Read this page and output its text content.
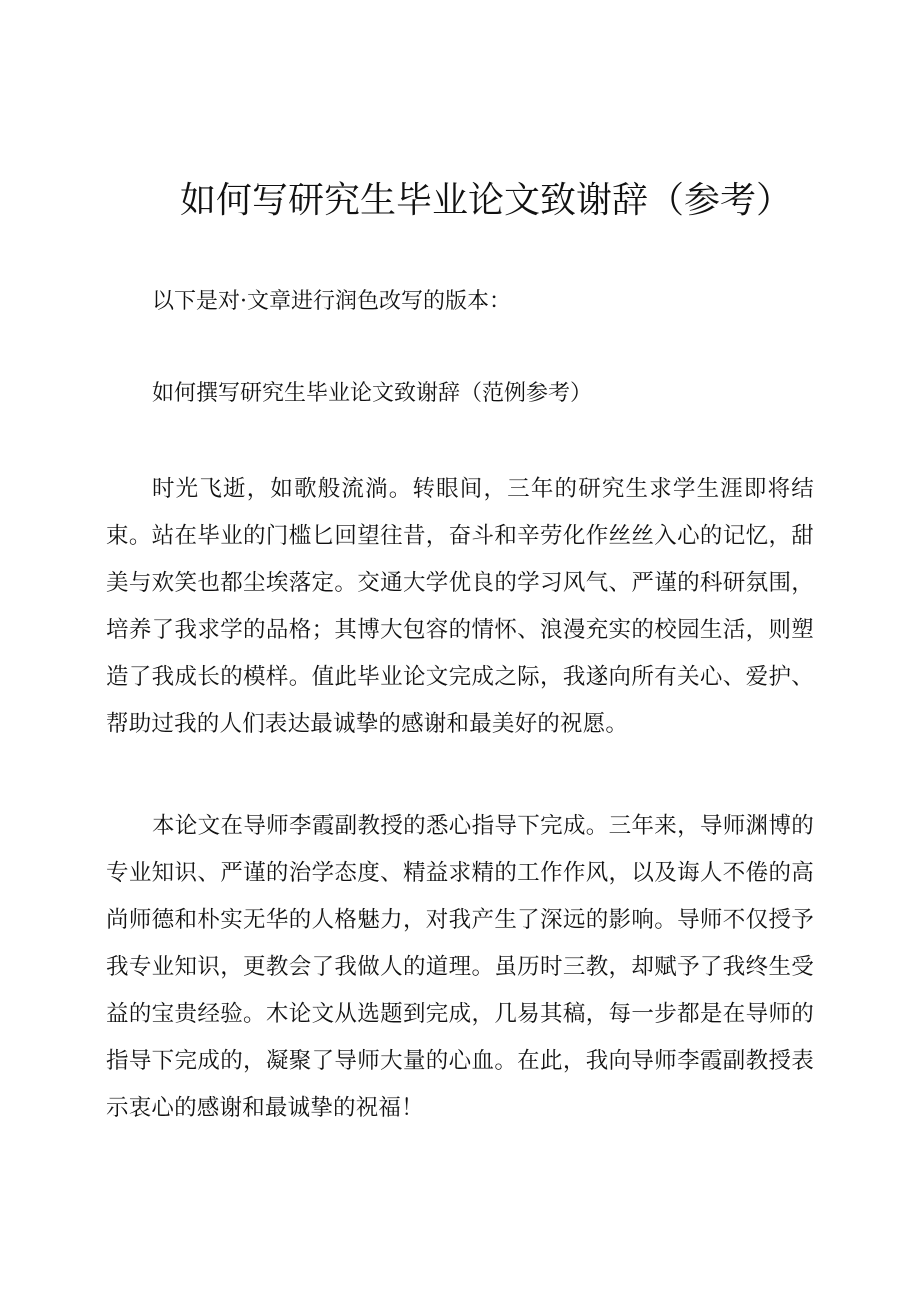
如何写研究生毕业论文致谢辞（参考）

以下是对·文章进行润色改写的版本：

如何撰写研究生毕业论文致谢辞（范例参考）

时光飞逝，如歌般流淌。转眼间，三年的研究生求学生涯即将结束。站在毕业的门槛匕回望往昔，奋斗和辛劳化作丝丝入心的记忆，甜美与欢笑也都尘埃落定。交通大学优良的学习风气、严谨的科研氛围，培养了我求学的品格；其博大包容的情怀、浪漫充实的校园生活，则塑造了我成长的模样。值此毕业论文完成之际，我遂向所有关心、爱护、帮助过我的人们表达最诚挚的感谢和最美好的祝愿。

本论文在导师李霞副教授的悉心指导下完成。三年来，导师渊博的专业知识、严谨的治学态度、精益求精的工作作风，以及诲人不倦的高尚师德和朴实无华的人格魅力，对我产生了深远的影响。导师不仅授予我专业知识，更教会了我做人的道理。虽历时三教，却赋予了我终生受益的宝贵经验。木论文从选题到完成，几易其稿，每一步都是在导师的指导下完成的，凝聚了导师大量的心血。在此，我向导师李霞副教授表示衷心的感谢和最诚挚的祝福！
